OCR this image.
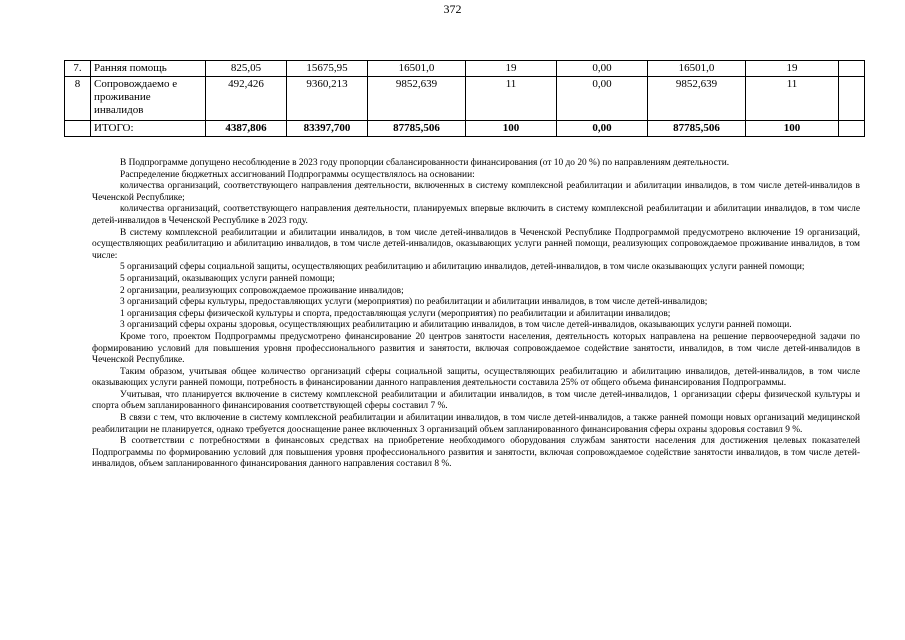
372
7.	Ранняя помощь	825,05	15675,95	16501,0	19	0,00	16501,0	19	
8	Сопровождаемо е проживание инвалидов	492,426	9360,213	9852,639	11	0,00	9852,639	11	
	ИТОГО:	4387,806	83397,700	87785,506	100	0,00	87785,506	100	

В Подпрограмме допущено несоблюдение в 2023 году пропорции сбалансированности финансирования (от 10 до 20 %) по направлениям деятельности.

Распределение бюджетных ассигнований Подпрограммы осуществлялось на основании:

количества организаций, соответствующего направления деятельности, включенных в систему комплексной реабилитации и абилитации инвалидов, в том числе детей-инвалидов в Чеченской Республике;

количества организаций, соответствующего направления деятельности, планируемых впервые включить в систему комплексной реабилитации и абилитации инвалидов, в том числе детей-инвалидов в Чеченской Республике в 2023 году.

В систему комплексной реабилитации и абилитации инвалидов, в том числе детей-инвалидов в Чеченской Республике Подпрограммой предусмотрено включение 19 организаций, осуществляющих реабилитацию и абилитацию инвалидов, в том числе детей-инвалидов, оказывающих услуги ранней помощи, реализующих сопровождаемое проживание инвалидов, в том числе:

5 организаций сферы социальной защиты, осуществляющих реабилитацию и абилитацию инвалидов, детей-инвалидов, в том числе оказывающих услуги ранней помощи;

5 организаций, оказывающих услуги ранней помощи;

2 организации, реализующих сопровождаемое проживание инвалидов;

3 организаций сферы культуры, предоставляющих услуги (мероприятия) по реабилитации и абилитации инвалидов, в том числе детей-инвалидов;

1 организация сферы физической культуры и спорта, предоставляющая услуги (мероприятия) по реабилитации и абилитации инвалидов;

3 организаций сферы охраны здоровья, осуществляющих реабилитацию и абилитацию инвалидов, в том числе детей-инвалидов, оказывающих услуги ранней помощи.

Кроме того, проектом Подпрограммы предусмотрено финансирование 20 центров занятости населения, деятельность которых направлена на решение первоочередной задачи по формированию условий для повышения уровня профессионального развития и занятости, включая сопровождаемое содействие занятости, инвалидов, в том числе детей-инвалидов в Чеченской Республике.

Таким образом, учитывая общее количество организаций сферы социальной защиты, осуществляющих реабилитацию и абилитацию инвалидов, детей-инвалидов, в том числе оказывающих услуги ранней помощи, потребность в финансировании данного направления деятельности составила 25% от общего объема финансирования Подпрограммы.

Учитывая, что планируется включение в систему комплексной реабилитации и абилитации инвалидов, в том числе детей-инвалидов, 1 организации сферы физической культуры и спорта объем запланированного финансирования соответствующей сферы составил 7 %.

В связи с тем, что включение в систему комплексной реабилитации и абилитации инвалидов, в том числе детей-инвалидов, а также ранней помощи новых организаций медицинской реабилитации не планируется, однако требуется дооснащение ранее включенных 3 организаций объем запланированного финансирования сферы охраны здоровья составил 9 %.

В соответствии с потребностями в финансовых средствах на приобретение необходимого оборудования службам занятости населения для достижения целевых показателей Подпрограммы по формированию условий для повышения уровня профессионального развития и занятости, включая сопровождаемое содействие занятости инвалидов, в том числе детей-инвалидов, объем запланированного финансирования данного направления составил 8 %.
